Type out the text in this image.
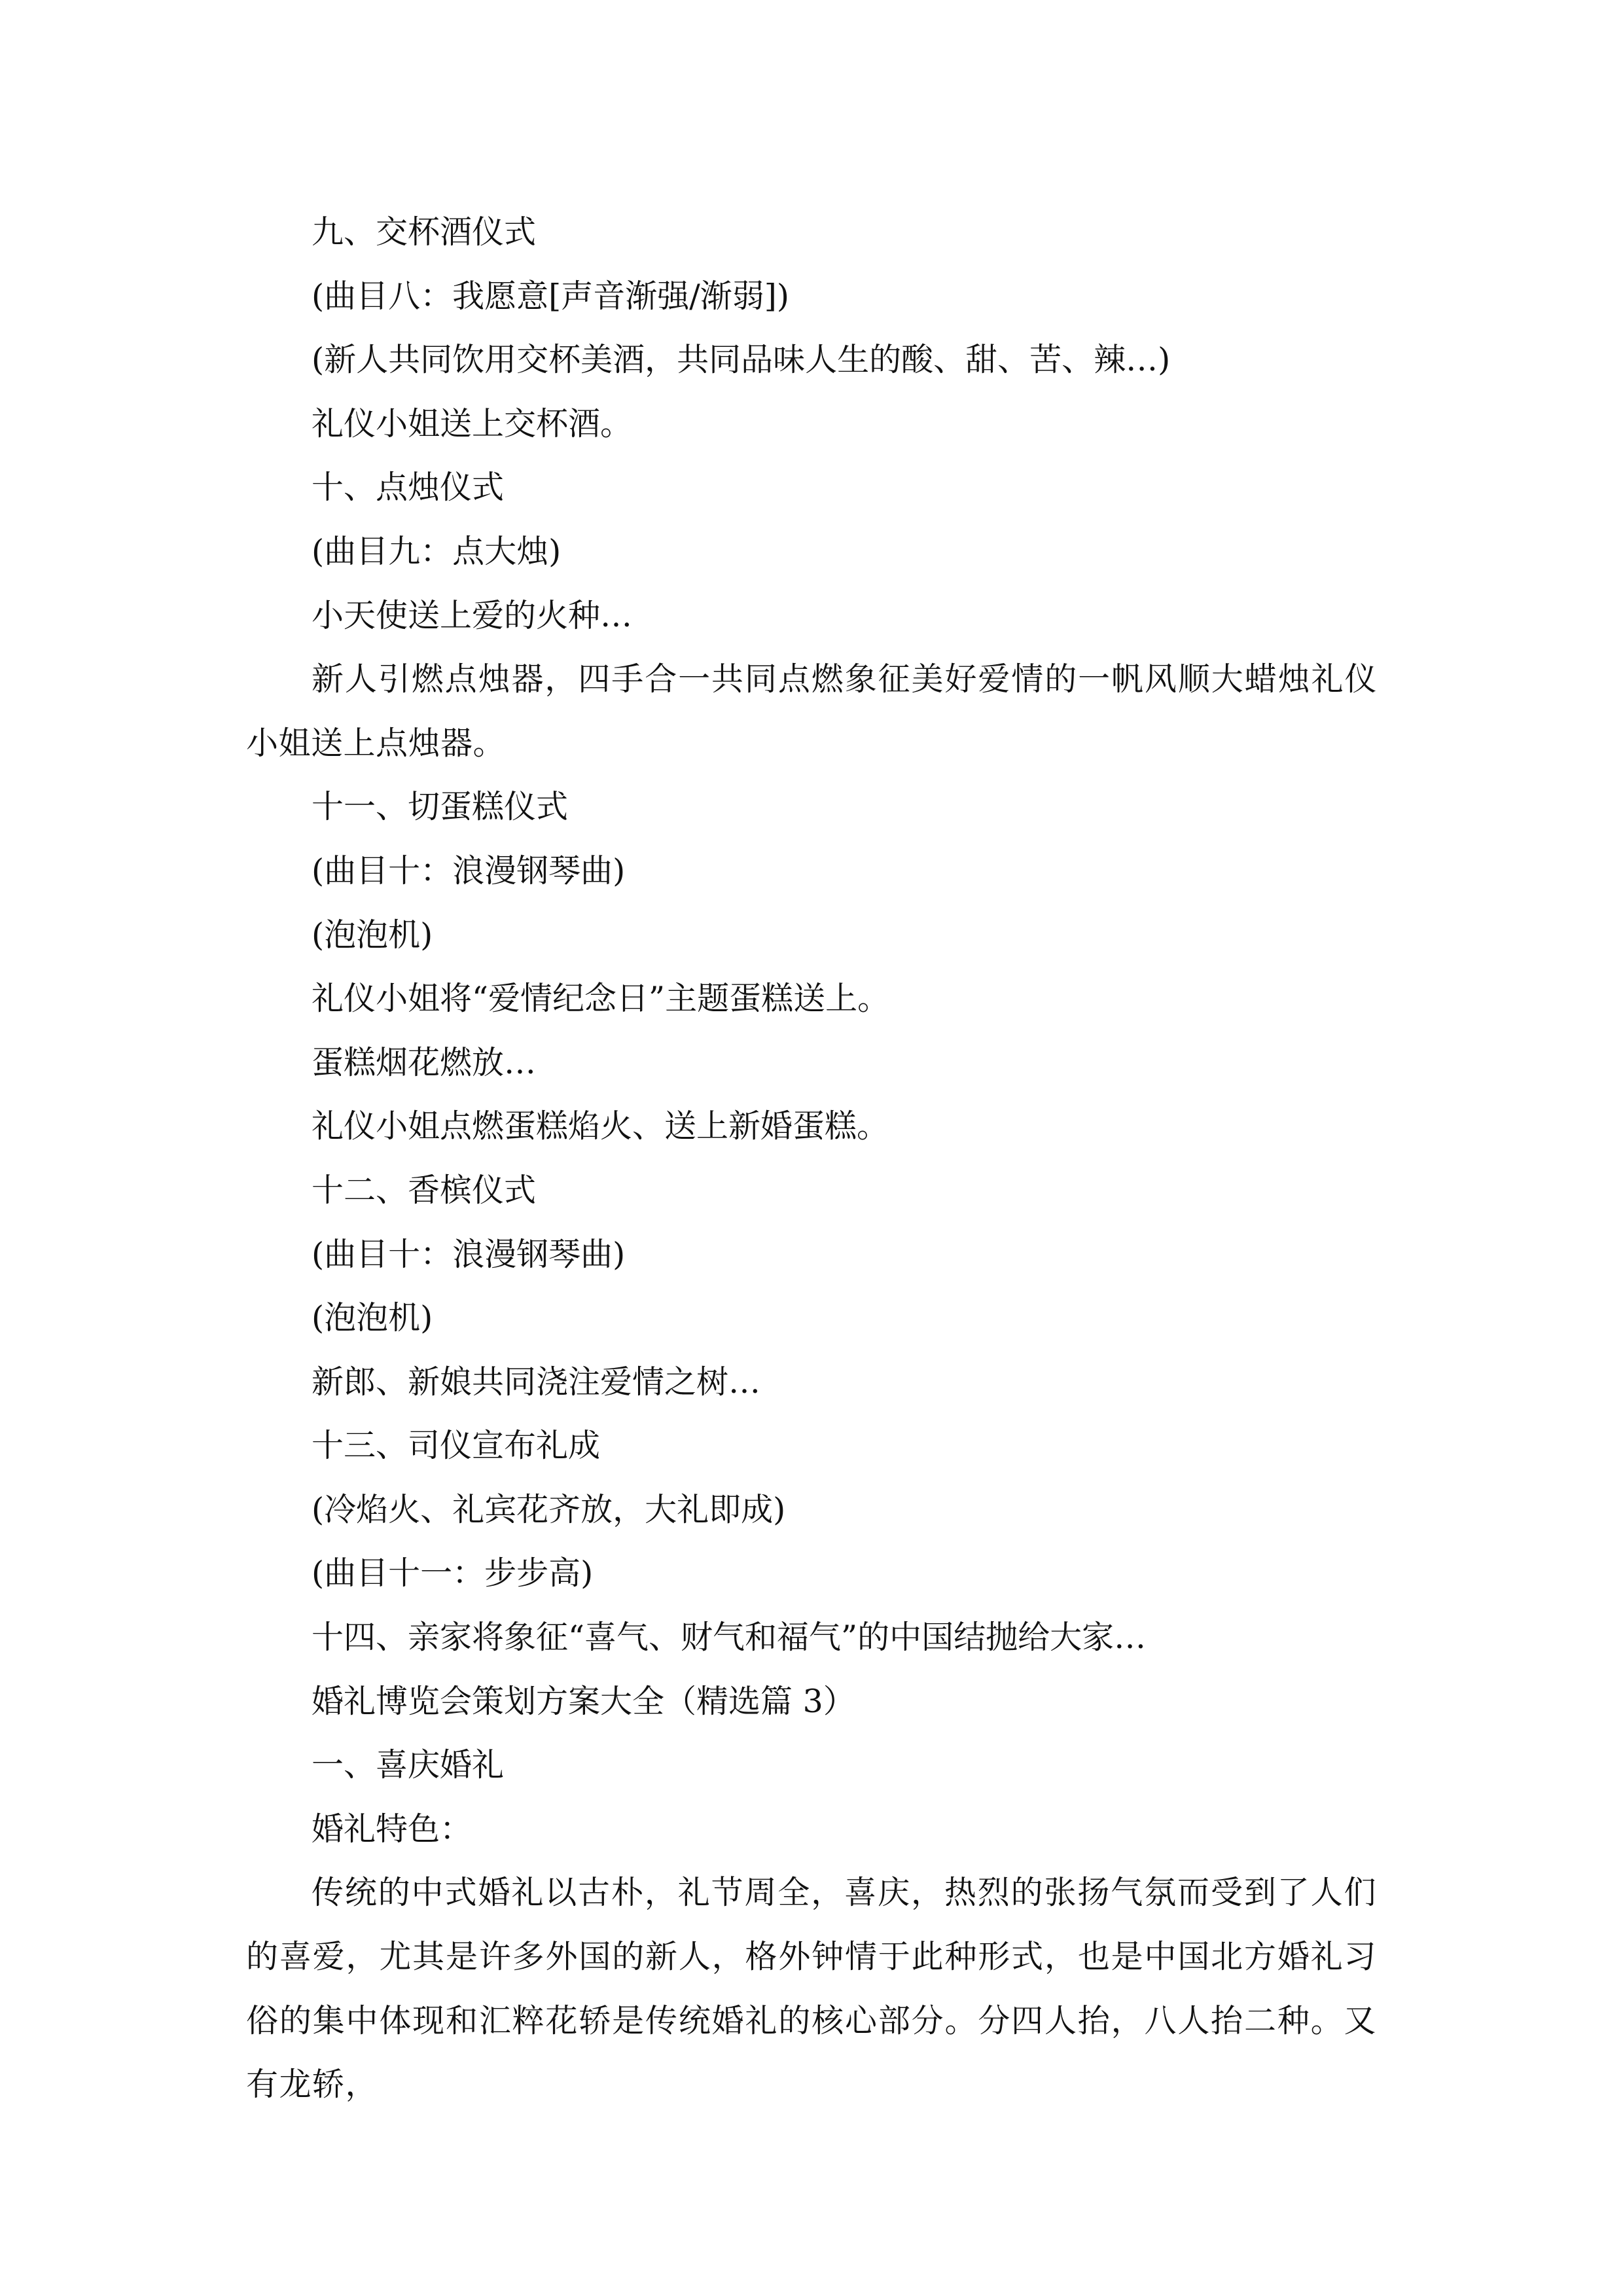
九、交杯酒仪式

(曲目八：我愿意[声音渐强/渐弱])

(新人共同饮用交杯美酒，共同品味人生的酸、甜、苦、辣…)

礼仪小姐送上交杯酒。

十、点烛仪式

(曲目九：点大烛)

小天使送上爱的火种…

新人引燃点烛器，四手合一共同点燃象征美好爱情的一帆风顺大蜡烛礼仪小姐送上点烛器。

十一、切蛋糕仪式

(曲目十：浪漫钢琴曲)

(泡泡机)

礼仪小姐将“爱情纪念日”主题蛋糕送上。

蛋糕烟花燃放…

礼仪小姐点燃蛋糕焰火、送上新婚蛋糕。

十二、香槟仪式

(曲目十：浪漫钢琴曲)

(泡泡机)

新郎、新娘共同浇注爱情之树…

十三、司仪宣布礼成

(冷焰火、礼宾花齐放，大礼即成)

(曲目十一：步步高)

十四、亲家将象征“喜气、财气和福气”的中国结抛给大家…

婚礼博览会策划方案大全（精选篇 3）

一、喜庆婚礼

婚礼特色：

传统的中式婚礼以古朴，礼节周全，喜庆，热烈的张扬气氛而受到了人们的喜爱，尤其是许多外国的新人，格外钟情于此种形式，也是中国北方婚礼习俗的集中体现和汇粹花轿是传统婚礼的核心部分。分四人抬，八人抬二种。又有龙轿，
